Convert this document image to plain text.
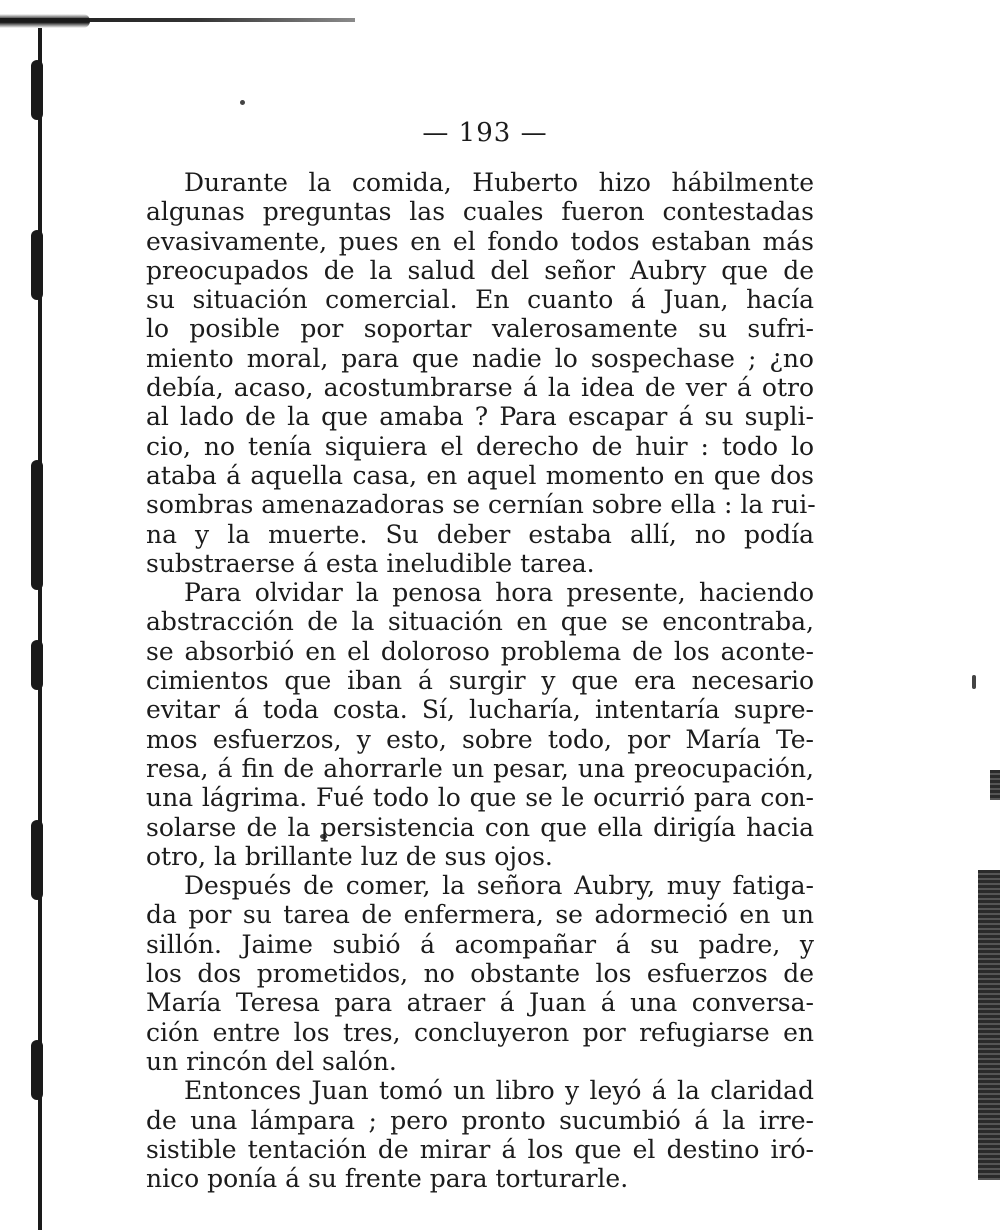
— 193 —
Durante la comida, Huberto hizo hábilmente
algunas preguntas las cuales fueron contestadas
evasivamente, pues en el fondo todos estaban más
preocupados de la salud del señor Aubry que de
su situación comercial. En cuanto á Juan, hacía
lo posible por soportar valerosamente su sufri-
miento moral, para que nadie lo sospechase ; ¿no
debía, acaso, acostumbrarse á la idea de ver á otro
al lado de la que amaba ? Para escapar á su supli-
cio, no tenía siquiera el derecho de huir : todo lo
ataba á aquella casa, en aquel momento en que dos
sombras amenazadoras se cernían sobre ella : la rui-
na y la muerte. Su deber estaba allí, no podía
substraerse á esta ineludible tarea.
Para olvidar la penosa hora presente, haciendo
abstracción de la situación en que se encontraba,
se absorbió en el doloroso problema de los aconte-
cimientos que iban á surgir y que era necesario
evitar á toda costa. Sí, lucharía, intentaría supre-
mos esfuerzos, y esto, sobre todo, por María Te-
resa, á fin de ahorrarle un pesar, una preocupación,
una lágrima. Fué todo lo que se le ocurrió para con-
solarse de la persistencia con que ella dirigía hacia
otro, la brillante luz de sus ojos.
Después de comer, la señora Aubry, muy fatiga-
da por su tarea de enfermera, se adormeció en un
sillón. Jaime subió á acompañar á su padre, y
los dos prometidos, no obstante los esfuerzos de
María Teresa para atraer á Juan á una conversa-
ción entre los tres, concluyeron por refugiarse en
un rincón del salón.
Entonces Juan tomó un libro y leyó á la claridad
de una lámpara ; pero pronto sucumbió á la irre-
sistible tentación de mirar á los que el destino iró-
nico ponía á su frente para torturarle.
